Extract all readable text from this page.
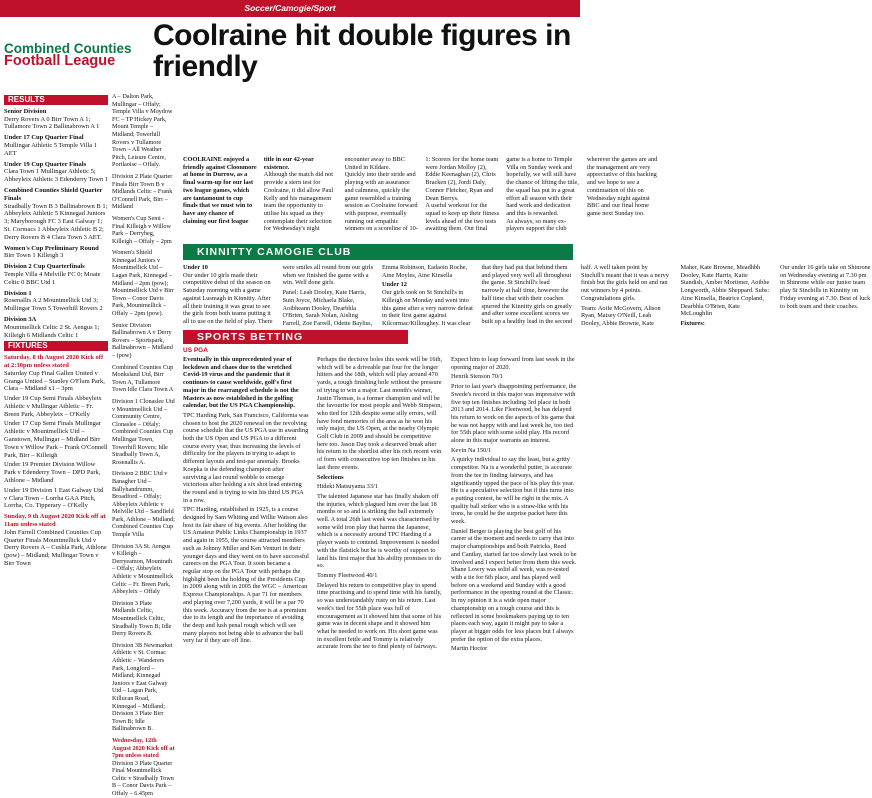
Soccer/Camogie/Sport
Combined Counties
Football League
Coolraine hit double figures in friendly
RESULTS
Senior Division
Derry Rovers A 0 Birr Town A 1; Tullamore Town 2 Ballinabrown A 1
Under 17 Cup Quarter Final
Mullingar Athletic 5 Temple Villa 1 AET
Under 19 Cup Quarter Finals
Clara Town 1 Mullingar Athletic 5; Abbeyleix Athletic 3 Edenderry Town 1
Combined Counties Shield Quarter Finals
Stradbally Town B 3 Ballinabrown B 1; Abbeyleix Athletic 5 Kinnegad Juniors 3; Maryborough FC 3 East Galway 1; St. Cormacs 1 Abbeyleix Athletic B 2; Derry Rovers B 4 Clara Town 3 AET.
Women's Cup Preliminary Round
Birr Town 1 Killeigh 3
Division 2 Cup Quarterfinals
Temple Villa 4 Melville FC 0; Moate Celtic 0 BBC Utd 1
Division 1
Rosenallis A 2 Mountmellick Utd 3; Mullingar Town 5 Towerhill Rovers 2
Division 3A
Mountmellick Celtic 2 St. Aengus 1; Killeigh 6 Midlands Celtic 1
FIXTURES
Saturday, 8 th August 2020 Kick off at 2:30pm unless stated
Saturday Cup Final Gallen United v Granga United – Stanley O'Flum Park, Clara – Midland x1 – 3pm
Under 19 Cup Semi Finals Abbeyleix Athletic v Mullingar Athletic – Fr. Breen Park, Abbeyleix – O'Kelly
Under 17 Cup Semi Finals Mullingar Athletic v Mountmellick Utd – Ganstown, Mullingar – Midland Birr Town v Willow Park – Frank O'Connell Park, Birr – Killeigh
Under 19 Premier Division Willow Park v Edenderry Town – DPD Park, Athlone – Midland
Under 19 Division 1 East Galway Utd v Clara Town – Lorrha GAA Pitch, Lorrha, Co. Tipperary – O'Kelly
Sunday, 9 th August 2020 Kick off at 11am unless stated
John Farrell Combined Counties Cup Quarter Finals Mountmellick Utd v Derry Rovers A – Cushla Park, Athlone (pow) – Midland; Mullingar Town v Birr Town
A – Dalton Park, Mullingar – Offaly; Temple Villa v Moydow FC – TP Hickey Park, Mount Temple – Midland; Towerhill Rovers v Tullamore Town – All Weather Pitch, Leisure Centre, Portlaoise – Offaly.
Division 2 Plate Quarter Finals Birr Town B v Midlands Celtic – Frank O'Connell Park, Birr – Midland
Women's Cup Semi - Final Killeigh v Willow Park – Derrybeg, Killeigh – Offaly – 2pm
Women's Shield Kinnegad Juniors v Mountmellick Utd – Lagan Park, Kinnegad – Midland – 2pm (pow); Mountmellick Utd v Birr Town – Conor Davis Park, Mountmellick – Offaly – 2pm (pow).
Senior Division Ballinabrown A v Derry Rovers – Sportspark, Ballinabrown – Midland – (pow)
Combined Counties Cup Monksland Utd, Birr Town A, Tullamore Town Idle Clara Town A
Division 1 Clonaslee Utd v Mountmellick Utd – Community Centre, Clonaslee – Offaly; Combined Counties Cup Mullingar Town, Towerhill Rovers; Idle Stradbally Town A, Rosenallis A.
Division 2 BBC Utd v Banagher Utd – Ballyhandrumm, Broadford – Offaly; Abbeyleix Athletic v Melville Utd – Sandfield Park, Athlone – Midland; Combined Counties Cup Temple Villa
Division 3A St. Aengus v Killeigh – Derryeamon, Mountrath – Offaly; Abbeyleix Athletic v Mountmellick Celtic – Fr. Breen Park, Abbeyleix – Offaly
Division 3 Plate Midlands Celtic, Mountmellick Celtic, Stradbally Town B; Idle Derry Rovers B.
Division 3B Newmarket Athletic v St. Cormac Athletic – Wanderers Park, Longford – Midland; Kinnegad Juniors v East Galway Utd – Lagan Park, Killucan Road, Kinnegad – Midland; Division 3 Plate Birr Town B; Idle Ballinabrown B.
Wednesday, 12th August 2020 Kick off at 7pm unless stated
Division 3 Plate Quarter Final Mountmellick Celtic v Stradbally Town B – Conor Davis Park – Offaly – 6.45pm

COOLRAINE enjoyed a friendly against Cloonmore at home in Durrow, as a final warm-up for our last two league games, which are tantamount to cup finals that we must win to have any chance of claiming our first league title in our 42-year existence.

Although the match did not provide a stern test for Coolraine, it did allow Paul Kelly and his management team the opportunity to utilise his squad as they contemplate their selection for Wednesday's night encounter away to BBC United in Kildare.

Quickly into their stride and playing with an assurance and calmness, quickly the game resembled a training session as Coolraine forward with purpose, eventually running out empathic winners on a scoreline of 10-1: Scorers for the home team were Jordan Molloy (2), Eddie Keenaghan (2), Chris Bracken (2), Jordi Daly, Connor Fletcher, Ryan and Dean Berrys.

A useful workout for the squad to keep up their fitness levels ahead of the two tests awaiting them. Our final game is a home to Temple Villa on Sunday week and hopefully, we will still have the chance of lifting the title, the squad has put in a great effort all season with their hard work and dedication and this is rewarded.

As always, so many ex-players support the club wherever the games are and the management are very appreciative of this backing and we hope to see a continuation of this on Wednesday night against BBC and our final home game next Sunday too.

KINNITTY CAMOGIE CLUB
Under 10
Our under 10 girls made their competitive debut of the season on Saturday morning with a game against Lusmagh in Kinnitty. After all their training it was great to see the girls from both teams putting it all to use on the field of play. There were smiles all round from our girls when we finished the game with a win. Well done girls.
Panel: Leah Dooley, Kate Harris, Suin Joyce, Michaela Blake, Aoibheann Dooley, Dearbhla O'Brien, Sarah Nolan, Aisling Farrell, Zoe Farrell, Odette Bayliss, Emma Robinson, Eadaoin Roche, Aine Moyles, Aine Kinsella
Under 12
Our girls took on St Sinchill's in Killeigh on Monday and went into this game after a very narrow defeat in their first game against Kilcormac/Killoughey. It was clear that they had put that behind them and played very well all throughout the game. St Sinchill's lead narrowly at half time, however the half time chat with their coaches spurred the Kinnitty girls on greatly and after some excellent scores we built up a healthy lead in the second half. A well taken point by Sinchill's meant that it was a nervy finish but the girls held on and ran out winners by 4 points. Congratulations girls.
Team: Aoife McGovern, Alison Ryan, Maisey O'Neill, Leah Dooley, Abbie Browne, Kate Maher, Kate Browne, Meadhbh Dooley, Kate Harris, Katie Standish, Amber Mortimer, Aoibhe Longworth, Abbie Sheppard. Subs: Aine Kinsella, Beatrice Copland, Dearbhla O'Brien, Kate McLoughlin
Fixtures:
Our under 16 girls take on Shinrone on Wednesday evening at 7.30 pm in Shinrone while our junior team play St Sinchills in Kinnitty on Friday evening at 7.30. Best of luck to both team and their coaches.
SPORTS BETTING
US PGA

Eventually in this unprecedented year of lockdown and chaos due to the wretched Covid-19 virus and the pandemic that it continues to cause worldwide, golf's first major in the rearranged schedule is not the Masters as now established in the golfing calendar, but the US PGA Championship.

TPC Harding Park, San Francisco, California was chosen to host the 2020 renewal on the revolving course schedule that the US PGA use in awarding both the US Open and US PGA to a different course every year, thus increasing the levels of difficulty for the players in trying to adapt to different layouts and test-par anomaly. Brooks Koepka is the defending champion after surviving a last round wobble to emerge victorious after holding a six shot lead entering the round and is trying to win his third US PGA in a row.

TPC Harding, established in 1925, is a course designed by Sam Whiting and Willie Watson also host its fair share of big events. After holding the US Amateur Public Links Championship in 1937 and again in 1955, the course attracted members such as Johnny Miller and Ken Venturi in their younger days and they went on to have successful careers on the PGA Tour. It soon became a regular stop on the PGA Tour with perhaps the highlight been the holding of the Presidents Cup in 2009 along with in 2005 the WGC – American Express Championships. A par 71 for members and playing over 7,200 yards, it will be a par 70 this week. Accuracy from the tee is at a premium due to its length and the importance of avoiding the deep and lush penal rough which will see many players not being able to advance the ball very far if they are off line.

Perhaps the decisive holes this week will be 16th, which will be a driveable par four for the longer hitters and the 18th, which will play around 470 yards, a tough finishing hole without the pressure of trying to win a major. Last month's winner, Justin Thomas, is a former champion and will be the favourite for most people and Webb Simpson, who tied for 12th despite some silly errors, will have fond memories of the area as he won his only major, the US Open, at the nearby Olympic Golf Club in 2009 and should be competitive here too. Jason Day took a deserved break after his return to the shortlist after his rich recent vein of form with consecutive top ten finishes in his last three events.

Selections

Hideki Matsuyama 33/1

The talented Japanese star has finally shaken off the injuries, which plagued him over the last 18 months or so and is striking the ball extremely well. A total 26th last week was characterised by some wild iron play that harms the Japanese, which is a necessity around TPC Harding if a player wants to contend. Improvement is needed with the flatstick but he is worthy of support to land his first major that his ability promises to do so.

Tommy Fleetwood 40/1

Delayed his return to competitive play to spend time practising and to spend time with his family, so was understandably rusty on his return. Last week's tied for 55th place was full of encouragement as it showed him that some of his game was in decent shape and it showed him what he needed to work on. His short game was in excellent fettle and Tommy is relatively accurate from the tee to find plenty of fairways. Expect him to leap forward from last week in the opening major of 2020.

Henrik Stenson 70/1

Prior to last year's disappointing performance, the Swede's record in this major was impressive with five top ten finishes including 3rd place in both 2013 and 2014. Like Fleetwood, he has delayed his return to work on the aspects of his game that he was not happy with and last week he, too tied for 55th place with some solid play. His record alone in this major warrants an interest.

Kevin Na 150/1

A quirky individual to say the least, but a gritty competitor. Na is a wonderful putter, is accurate from the tee in finding fairways, and has significantly upped the pace of his play this year. He is a speculative selection but if this turns into a putting contest, he will be right in the mix. A quality ball striker who is a straw-like with his irons, he could be the surprise packet here this week.

Daniel Berger is playing the best golf of his career at the moment and needs to carry that into major championships and both Patricks, Reed and Cantlay, started far too slowly last week to be involved and I expect better from them this week. Shane Lowry was solid all week, was re-tested with a tie for 6th place, and has played well before on a weekend and Sunday with a good performance in the opening round at the Classic. In my opinion it is a wide open major championship on a tough course and this is reflected in some bookmakers paying up to ten places each way, again it might pay to take a player at bigger odds for less places but I always prefer the option of the extra places.

Martin Hoctor
